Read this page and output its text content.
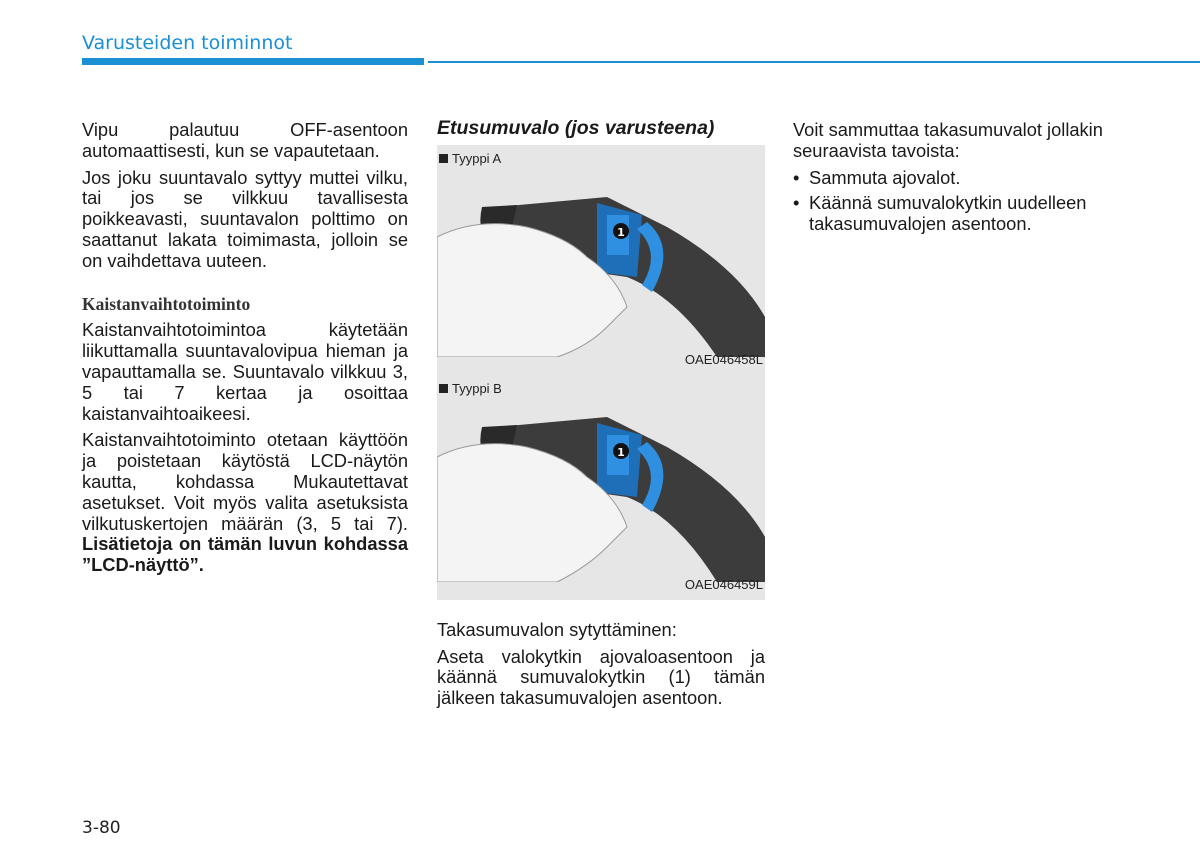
Varusteiden toiminnot

Vipu palautuu OFF-asentoon automaattisesti, kun se vapautetaan.

Jos joku suuntavalo syttyy muttei vilku, tai jos se vilkkuu tavallisesta poikkeavasti, suuntavalon polttimo on saattanut lakata toimimasta, jolloin se on vaihdettava uuteen.

Kaistanvaihtotoiminto

Kaistanvaihtotoimintoa käytetään liikuttamalla suuntavalovipua hieman ja vapauttamalla se. Suuntavalo vilkkuu 3, 5 tai 7 kertaa ja osoittaa kaistanvaihtoaikeesi.

Kaistanvaihtotoiminto otetaan käyttöön ja poistetaan käytöstä LCD-näytön kautta, kohdassa Mukautettavat asetukset. Voit myös valita asetuksista vilkutuskertojen määrän (3, 5 tai 7). Lisätietoja on tämän luvun kohdassa ”LCD-näyttö”.

Etusumuvalo (jos varusteena)

Tyyppi A
1
OAE046458L
Tyyppi B
1
OAE046459L

Takasumuvalon sytyttäminen:

Aseta valokytkin ajovaloasentoon ja käännä sumuvalokytkin (1) tämän jälkeen takasumuvalojen asentoon.

Voit sammuttaa takasumuvalot jollakin seuraavista tavoista:

• Sammuta ajovalot.
• Käännä sumuvalokytkin uudelleen takasumuvalojen asentoon.
3-80
